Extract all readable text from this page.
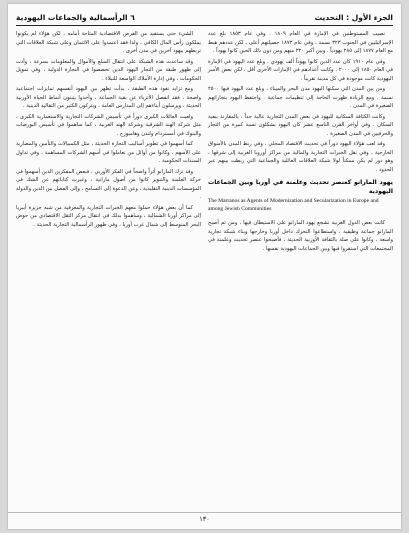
الجزء الأول : التحديث
٦ الرأسمالية والجماعات اليهودية

نصيب المستوطنين في الإمارة في العام ١٨٠٩ . وفي عام ١٨٥٣ بلغ عدد الإسرائيليين في الجنوب ٣٢٣ نسمة ، وفي عام ١٨٧٣ حصيلتهم أعلى ، لكن عددهم هبط مع العام ١٨٧٧ إلى ٢٨٥ يهودياً . وبين أكبر ٣٢٠ منهم ومن دون ذلك الحين كانوا يهوداً .

وفي عام ١٩١٠ كان عدد الذين كانوا يهوداً ألف يهودي . وبلغ عدد اليهود في الإمارة في العام ١٨٥٠ إلى ٢٠٠٠ . وكانت أعدادهم في الإمارات الأخرى أقل ، لكن بعض الأسر اليهودية كانت موجودة في كل مدينة تقريباً .

ومن بين المدن التي سكنها اليهود مدن البحر والميناء ، وبلغ عدد اليهود فيها ٢٥٠٠ نسمة . ومع الزيادة ظهرت الحاجة إلى تنظيمات جماعية . واحتفظ اليهود بتجاراتهم الصغيرة في المدن .

وكانت الكثافة السكانية لليهود في بعض المدن التجارية عالية جداً ، بالمقارنة ببقية السكان . وفي أواخر القرن التاسع عشر كان اليهود يشكلون نسبة كبيرة من التجار والحرفيين في المدن الصغيرة .

وقد لعب هؤلاء اليهود دوراً في تحديث الاقتصاد المحلي ، وفي ربط المدن بالأسواق الخارجية ، وفي نقل الخبرات التجارية والمالية من مراكز أوروبا الغربية إلى شرقها ، وهو دور لم يكن ممكناً لولا شبكة العلاقات العائلية والجماعية التي ربطت بينهم عبر الحدود .

يهود المارانو كعنصر تحديث وعلمنة في أوربا وبين الجماعات اليهودية
The Marranos as Agents of Modernization and Secularization in Europe and among Jewish Communities

كانت بعض الدول الغربية تشجع يهود المارانو على الاستيطان فيها ، ومن ثم أصبح المارانو جماعة وظيفية ، واستطاعوا التحرك داخل أوربا وخارجها وبناء شبكة تجارية واسعة ، وكانوا على صلة بالثقافة الأوربية الحديثة ، فأصبحوا عنصر تحديث وعلمنة في المجتمعات التي استقروا فيها وبين الجماعات اليهودية نفسها .

الشيء حتى يستفيد من الفرص الاقتصادية المتاحة أمامه ، لكن هؤلاء لم يكونوا يملكون رأس المال الكافي ، ولذا فقد اعتمدوا على الائتمان وعلى شبكة العلاقات التي تربطهم بيهود آخرين في مدن أخرى .

وقد ساعدت هذه الشبكة على انتقال السلع والأموال والمعلومات بسرعة ، وأدت إلى ظهور طبقة من التجار اليهود الذين تخصصوا في التجارة الدولية ، وفي تمويل الحكومات ، وفي إدارة الأملاك الواسعة للنبلاء .

ومع تزايد نفوذ هذه الطبقة ، بدأت تظهر بين اليهود أنفسهم تمايزات اجتماعية واضحة ، فقد انفصل الأثرياء عن بقية الجماعة ، وأخذوا يتبنون أنماط الحياة الأوربية الحديثة ، ويرسلون أبناءهم إلى المدارس العامة ، ويتركون الكثير من التقاليد الدينية .

ولعبت العائلات الكبرى دوراً في تأسيس الشركات التجارية والاستعمارية الكبرى ، مثل شركة الهند الشرقية وشركة الهند الغربية ، كما ساهموا في تأسيس البورصات والبنوك في أمستردام ولندن وهامبورج .

كما أسهموا في تطوير أساليب التجارة الحديثة ، مثل الكمبيالات والتأمين والمضاربة على الأسهم ، وكانوا من أوائل من تعاملوا في أسهم الشركات المساهمة ، وفي تداول السندات الحكومية .

وقد ترك المارانو أثراً واضحاً في الفكر الأوربي ، فبعض المفكرين الذين أسهموا في حركة العلمنة والتنوير كانوا من أصول مارانية ، وعبرت كتاباتهم عن الشك في المؤسسات الدينية التقليدية ، وعن الدعوة إلى التسامح ، وإلى الفصل بين الدين والدولة .

كما أن بعض هؤلاء حملوا معهم الخبرات التجارية والمعرفية من شبه جزيرة أيبريا إلى مراكز أوربا الشمالية ، وساهموا بذلك في انتقال مركز الثقل الاقتصادي من حوض البحر المتوسط إلى شمال غرب أوربا ، وفي ظهور الرأسمالية التجارية الحديثة .

١٣٠
